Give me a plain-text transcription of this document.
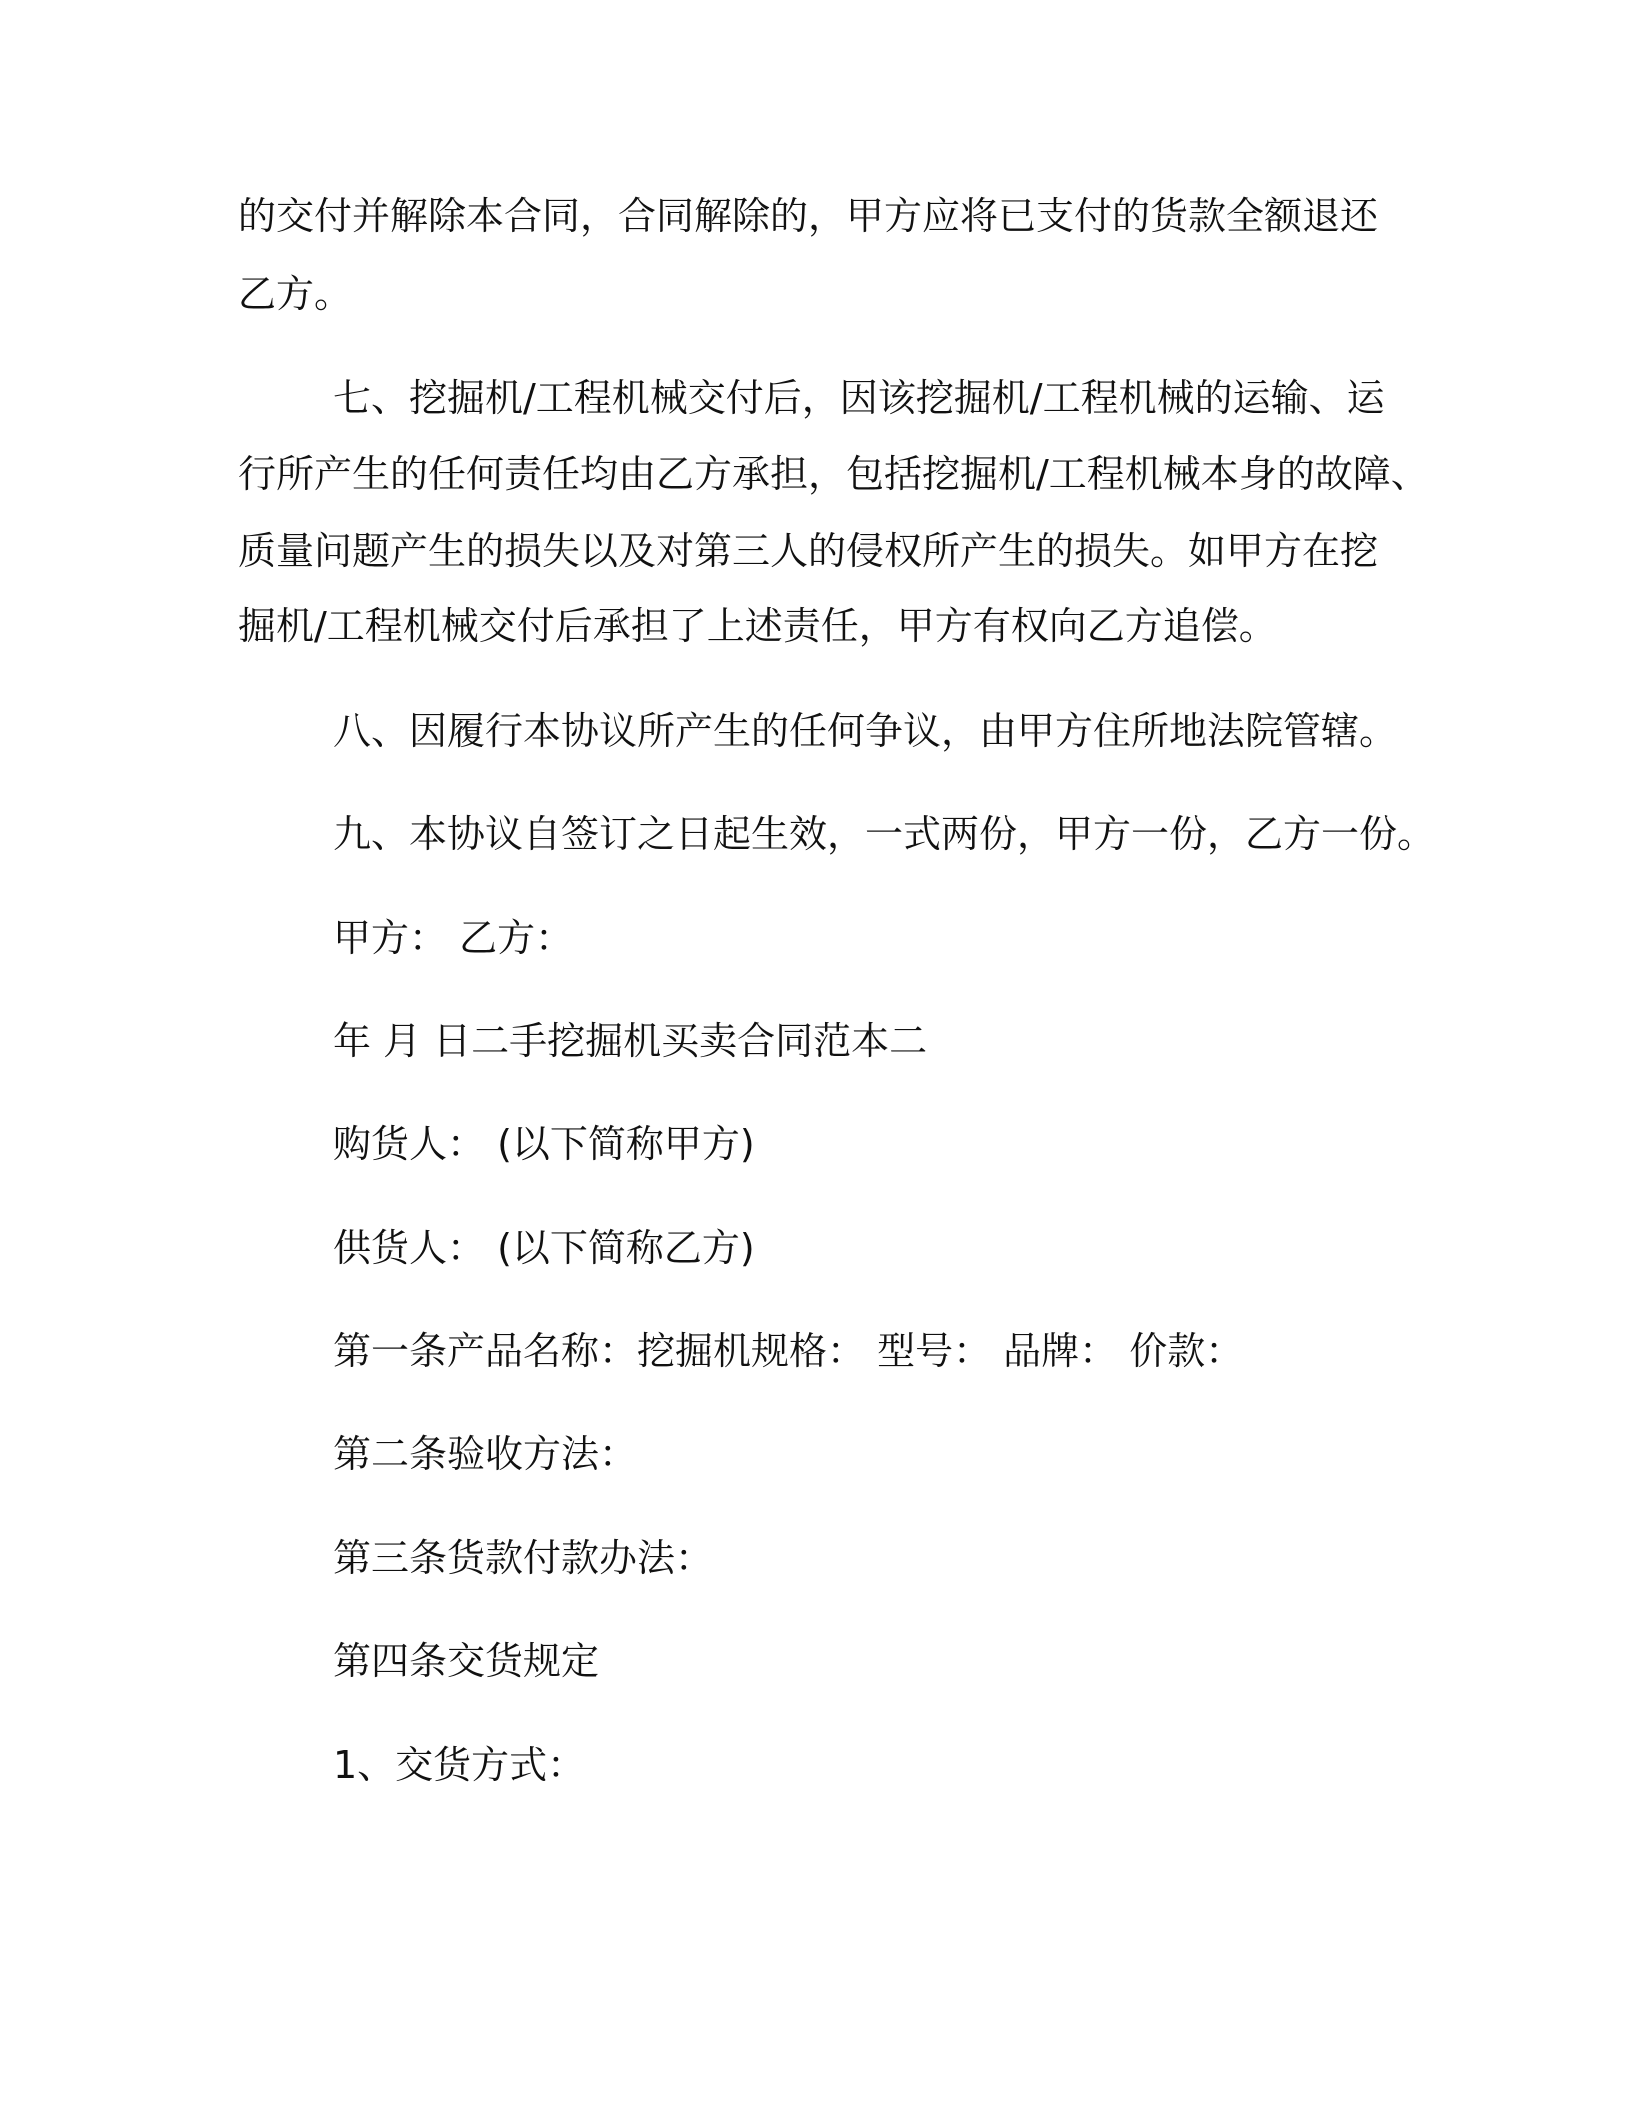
的交付并解除本合同，合同解除的，甲方应将已支付的货款全额退还
乙方。
七、挖掘机/工程机械交付后，因该挖掘机/工程机械的运输、运
行所产生的任何责任均由乙方承担，包括挖掘机/工程机械本身的故障、
质量问题产生的损失以及对第三人的侵权所产生的损失。如甲方在挖
掘机/工程机械交付后承担了上述责任，甲方有权向乙方追偿。
八、因履行本协议所产生的任何争议，由甲方住所地法院管辖。
九、本协议自签订之日起生效，一式两份，甲方一份，乙方一份。
甲方： 乙方：
年 月 日二手挖掘机买卖合同范本二
购货人： (以下简称甲方)
供货人： (以下简称乙方)
第一条产品名称：挖掘机规格： 型号： 品牌： 价款：
第二条验收方法：
第三条货款付款办法：
第四条交货规定
1、交货方式：
